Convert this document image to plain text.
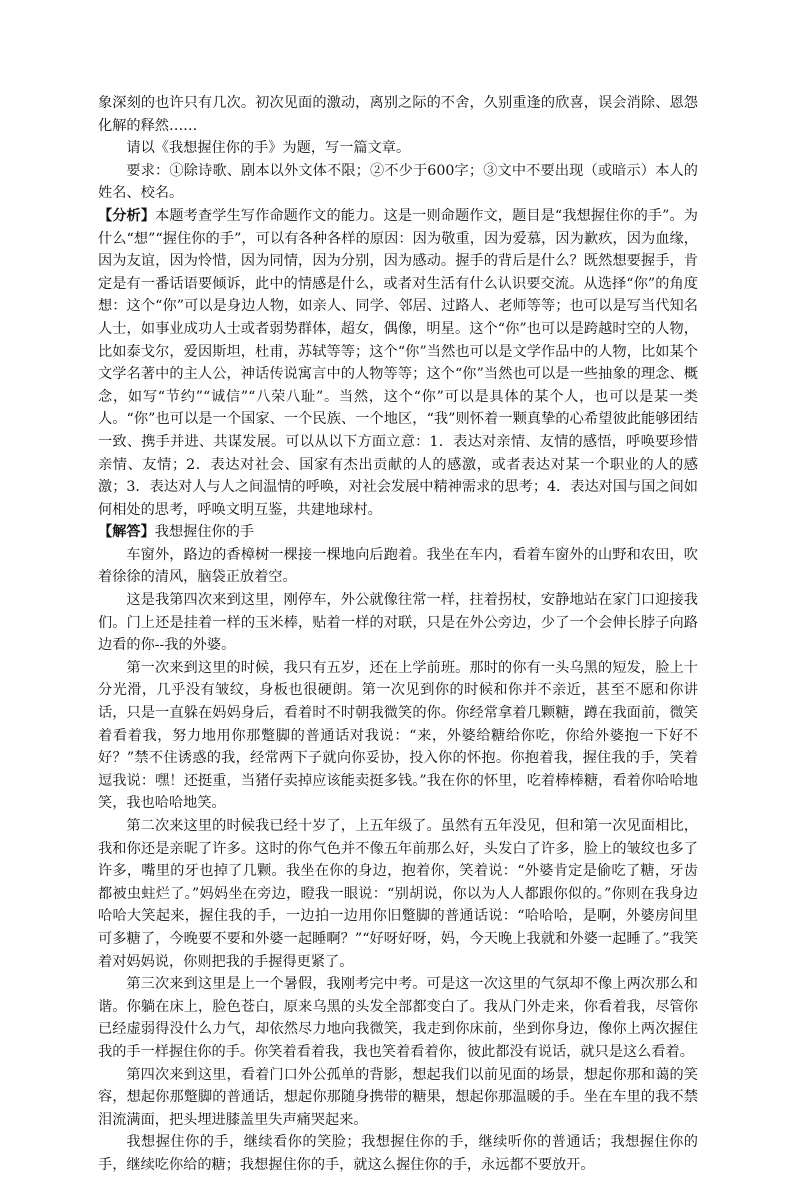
象深刻的也许只有几次。初次见面的激动，离别之际的不舍，久别重逢的欣喜，误会消除、恩怨化解的释然……

请以《我想握住你的手》为题，写一篇文章。

要求：①除诗歌、剧本以外文体不限；②不少于600字；③文中不要出现（或暗示）本人的姓名、校名。

【分析】本题考查学生写作命题作文的能力。这是一则命题作文，题目是“我想握住你的手”。为什么“想”“握住你的手”，可以有各种各样的原因：因为敬重，因为爱慕，因为歉疚，因为血缘，因为友谊，因为怜惜，因为同情，因为分别，因为感动。握手的背后是什么？既然想要握手，肯定是有一番话语要倾诉，此中的情感是什么，或者对生活有什么认识要交流。从选择“你”的角度想：这个“你”可以是身边人物，如亲人、同学、邻居、过路人、老师等等；也可以是写当代知名人士，如事业成功人士或者弱势群体，超女，偶像，明星。这个“你”也可以是跨越时空的人物，比如泰戈尔，爱因斯坦，杜甫，苏轼等等；这个“你”当然也可以是文学作品中的人物，比如某个文学名著中的主人公，神话传说寓言中的人物等等；这个“你”当然也可以是一些抽象的理念、概念，如写“节约”“诚信”“八荣八耻”。当然，这个“你”可以是具体的某个人，也可以是某一类人。“你”也可以是一个国家、一个民族、一个地区，“我”则怀着一颗真挚的心希望彼此能够团结一致、携手并进、共谋发展。可以从以下方面立意：1．表达对亲情、友情的感悟，呼唤要珍惜亲情、友情；2．表达对社会、国家有杰出贡献的人的感激，或者表达对某一个职业的人的感激；3．表达对人与人之间温情的呼唤，对社会发展中精神需求的思考；4．表达对国与国之间如何相处的思考，呼唤文明互鉴，共建地球村。

【解答】我想握住你的手

车窗外，路边的香樟树一棵接一棵地向后跑着。我坐在车内，看着车窗外的山野和农田，吹着徐徐的清风，脑袋正放着空。

这是我第四次来到这里，刚停车，外公就像往常一样，拄着拐杖，安静地站在家门口迎接我们。门上还是挂着一样的玉米棒，贴着一样的对联，只是在外公旁边，少了一个会伸长脖子向路边看的你--我的外婆。

第一次来到这里的时候，我只有五岁，还在上学前班。那时的你有一头乌黑的短发，脸上十分光滑，几乎没有皱纹，身板也很硬朗。第一次见到你的时候和你并不亲近，甚至不愿和你讲话，只是一直躲在妈妈身后，看着时不时朝我微笑的你。你经常拿着几颗糖，蹲在我面前，微笑着看着我，努力地用你那蹩脚的普通话对我说：“来，外婆给糖给你吃，你给外婆抱一下好不好？”禁不住诱惑的我，经常两下子就向你妥协，投入你的怀抱。你抱着我，握住我的手，笑着逗我说：嘿！还挺重，当猪仔卖掉应该能卖挺多钱。”我在你的怀里，吃着棒棒糖，看着你哈哈地笑，我也哈哈地笑。

第二次来这里的时候我已经十岁了，上五年级了。虽然有五年没见，但和第一次见面相比，我和你还是亲昵了许多。这时的你气色并不像五年前那么好，头发白了许多，脸上的皱纹也多了许多，嘴里的牙也掉了几颗。我坐在你的身边，抱着你，笑着说：“外婆肯定是偷吃了糖，牙齿都被虫蛀烂了。”妈妈坐在旁边，瞪我一眼说：“别胡说，你以为人人都跟你似的。”你则在我身边哈哈大笑起来，握住我的手，一边拍一边用你旧蹩脚的普通话说：“哈哈哈，是啊，外婆房间里可多糖了，今晚要不要和外婆一起睡啊？”“好呀好呀，妈，今天晚上我就和外婆一起睡了。”我笑着对妈妈说，你则把我的手握得更紧了。

第三次来到这里是上一个暑假，我刚考完中考。可是这一次这里的气氛却不像上两次那么和谐。你躺在床上，脸色苍白，原来乌黑的头发全部都变白了。我从门外走来，你看着我，尽管你已经虚弱得没什么力气，却依然尽力地向我微笑，我走到你床前，坐到你身边，像你上两次握住我的手一样握住你的手。你笑着看着我，我也笑着看着你，彼此都没有说话，就只是这么看着。

第四次来到这里，看着门口外公孤单的背影，想起我们以前见面的场景，想起你那和蔼的笑容，想起你那蹩脚的普通话，想起你那随身携带的糖果，想起你那温暖的手。坐在车里的我不禁泪流满面，把头埋进膝盖里失声痛哭起来。

我想握住你的手，继续看你的笑脸；我想握住你的手，继续听你的普通话；我想握住你的手，继续吃你给的糖；我想握住你的手，就这么握住你的手，永远都不要放开。
